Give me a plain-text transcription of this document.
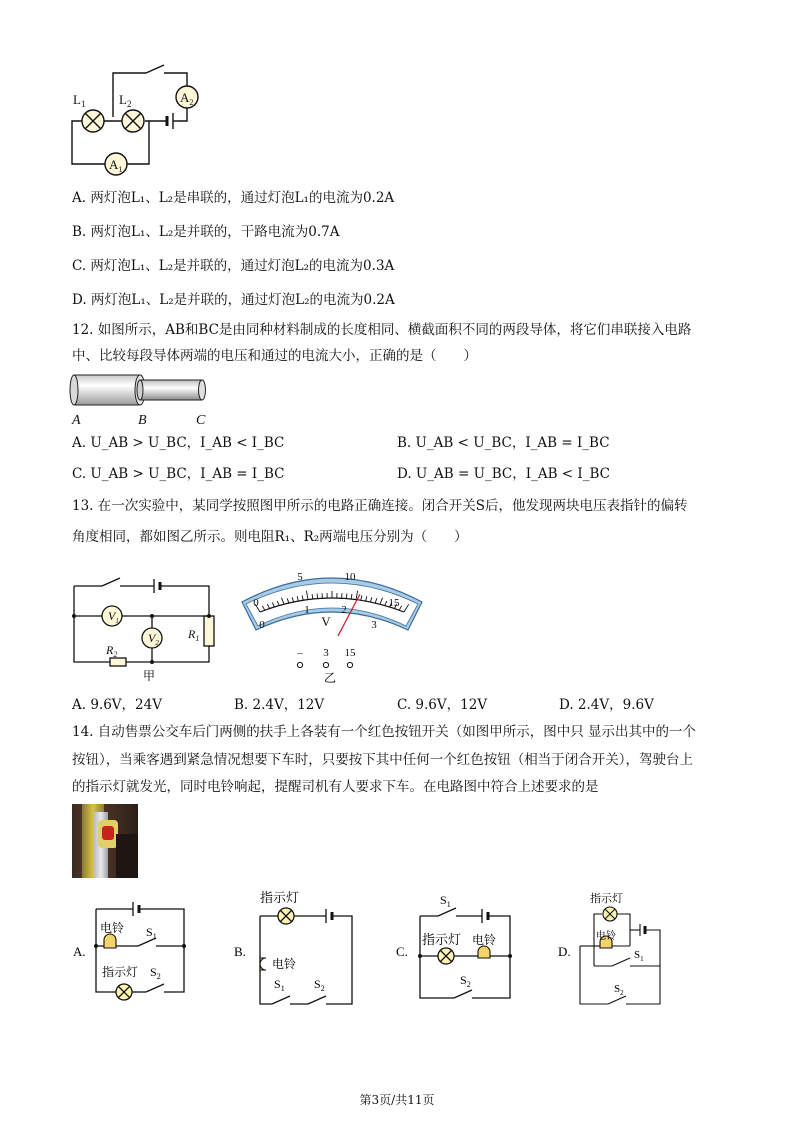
$L_1$	$L_2$	$A_2$
$A_1$
A. 两灯泡L₁、L₂是串联的，通过灯泡L₁的电流为0.2A
B. 两灯泡L₁、L₂是并联的，干路电流为0.7A
C. 两灯泡L₁、L₂是并联的，通过灯泡L₂的电流为0.3A
D. 两灯泡L₁、L₂是并联的，通过灯泡L₂的电流为0.2A
12. 如图所示，AB和BC是由同种材料制成的长度相同、横截面积不同的两段导体，将它们串联接入电路
中、比较每段导体两端的电压和通过的电流大小，正确的是（　　）
A	B	C
A. U_AB > U_BC，I_AB < I_BC	B. U_AB < U_BC，I_AB = I_BC
C. U_AB > U_BC，I_AB = I_BC	D. U_AB = U_BC，I_AB < I_BC
13. 在一次实验中，某同学按照图甲所示的电路正确连接。闭合开关S后，他发现两块电压表指针的偏转
角度相同，都如图乙所示。则电阻R₁、R₂两端电压分别为（　　）
$V_1$
$V_2$
$R_1$
$R_2$
甲
0
5	10
15
0
1	2
3
V
– 3 15
乙
A. 9.6V，24V	B. 2.4V，12V	C. 9.6V，12V	D. 2.4V，9.6V
14. 自动售票公交车后门两侧的扶手上各装有一个红色按钮开关（如图甲所示，图中只 显示出其中的一个
按钮），当乘客遇到紧急情况想要下车时，只要按下其中任何一个红色按钮（相当于闭合开关），驾驶台上
的指示灯就发光，同时电铃响起，提醒司机有人要求下车。在电路图中符合上述要求的是
A.
电铃 $S_1$
指示灯 $S_2$
B.
指示灯
电铃
$S_1$ $S_2$
C.
$S_1$
指示灯 电铃
$S_2$
D.
指示灯
电铃
$S_1$
$S_2$
第3页/共11页
